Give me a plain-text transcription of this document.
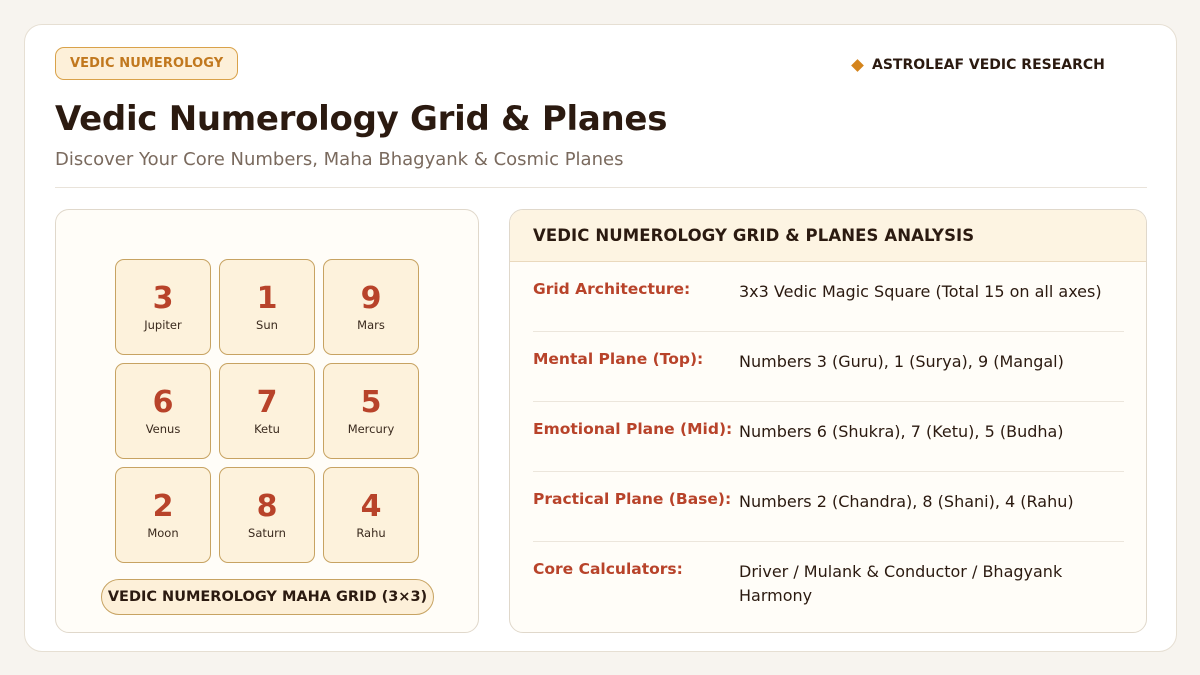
VEDIC NUMEROLOGY	ASTROLEAF VEDIC RESEARCH
Vedic Numerology Grid & Planes
Discover Your Core Numbers, Maha Bhagyank & Cosmic Planes
3
Jupiter
1
Sun
9
Mars
6
Venus
7
Ketu
5
Mercury
2
Moon
8
Saturn
4
Rahu
VEDIC NUMEROLOGY MAHA GRID (3×3)
VEDIC NUMEROLOGY GRID & PLANES ANALYSIS
Grid Architecture:	3x3 Vedic Magic Square (Total 15 on all axes)
Mental Plane (Top): Numbers 3 (Guru), 1 (Surya), 9 (Mangal)
Emotional Plane (Mid): Numbers 6 (Shukra), 7 (Ketu), 5 (Budha)
Practical Plane (Base): Numbers 2 (Chandra), 8 (Shani), 4 (Rahu)
Core Calculators:	Driver / Mulank & Conductor / Bhagyank Harmony
